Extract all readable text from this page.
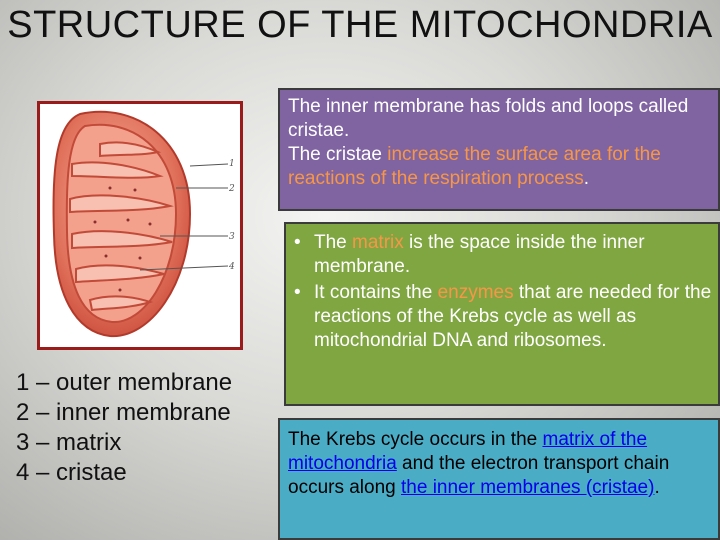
STRUCTURE OF THE MITOCHONDRIA
1
2
3
4
1 – outer membrane
2 – inner membrane
3 – matrix
4 – cristae

The inner membrane has folds and loops called cristae.

The cristae increase the surface area for the reactions of the respiration process.

• The matrix is the space inside the inner membrane.
• It contains the enzymes that are needed for the reactions of the Krebs cycle as well as mitochondrial DNA and ribosomes.
The Krebs cycle occurs in the matrix of the mitochondria and the electron transport chain occurs along the inner membranes (cristae).
